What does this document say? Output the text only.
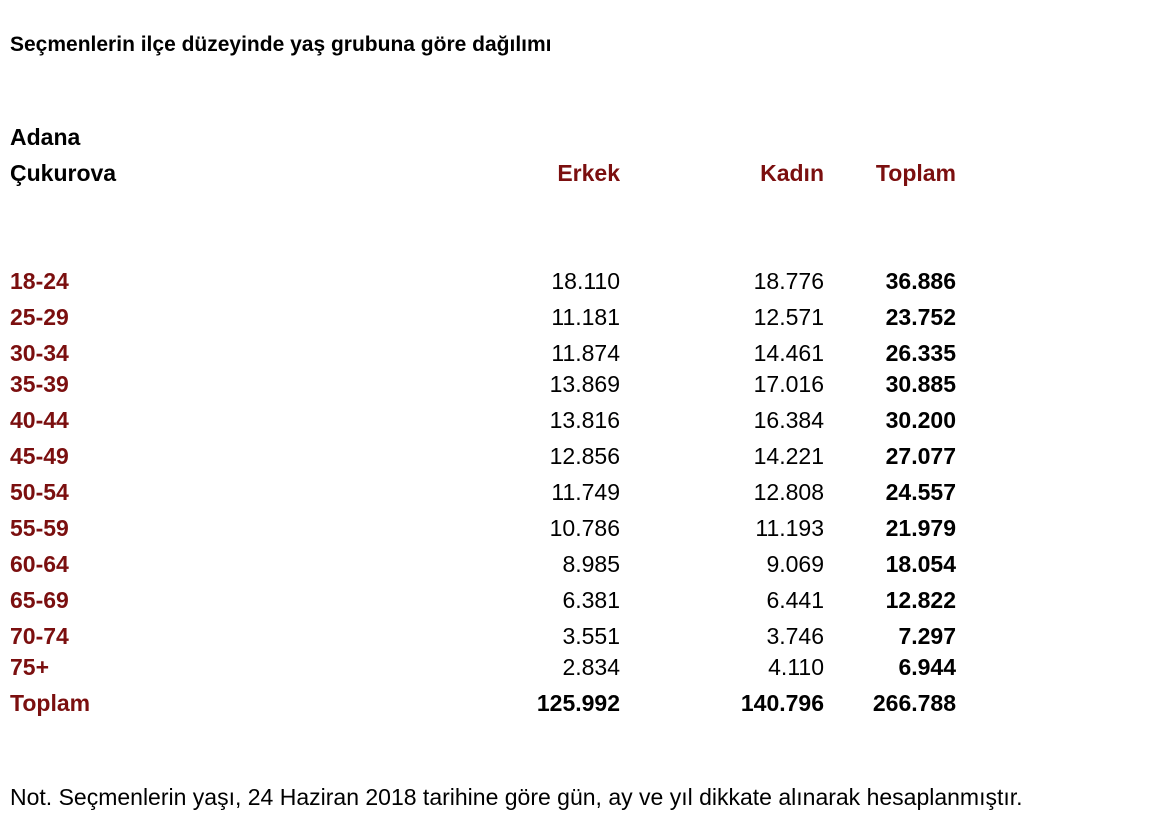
Seçmenlerin ilçe düzeyinde yaş grubuna göre dağılımı
Adana
Çukurova	Erkek	Kadın	Toplam
18-24	18.110	18.776	36.886
25-29	11.181	12.571	23.752
30-34	11.874	14.461	26.335
35-39	13.869	17.016	30.885
40-44	13.816	16.384	30.200
45-49	12.856	14.221	27.077
50-54	11.749	12.808	24.557
55-59	10.786	11.193	21.979
60-64	8.985	9.069	18.054
65-69	6.381	6.441	12.822
70-74	3.551	3.746	7.297
75+	2.834	4.110	6.944
Toplam	125.992	140.796	266.788
Not. Seçmenlerin yaşı, 24 Haziran 2018 tarihine göre gün, ay ve yıl dikkate alınarak hesaplanmıştır.
